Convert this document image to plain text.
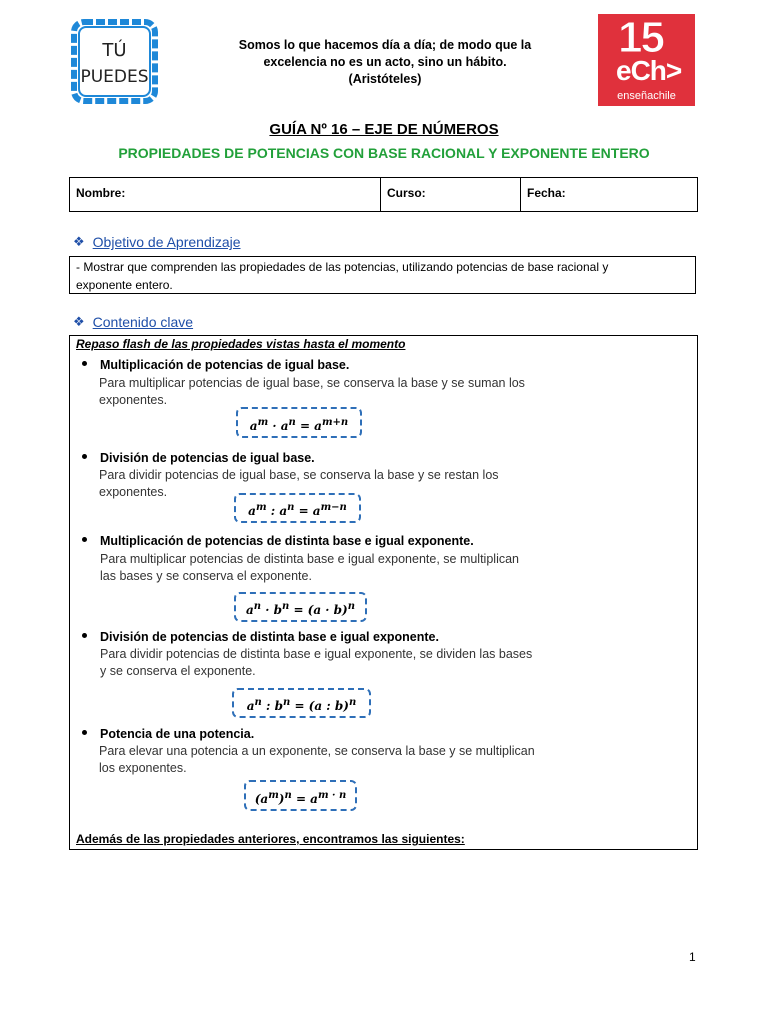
TÚ
PUEDES
Somos lo que hacemos día a día; de modo que la
excelencia no es un acto, sino un hábito.
(Aristóteles)
15
eCh>
enseñachile
GUÍA Nº 16 – EJE DE NÚMEROS
PROPIEDADES DE POTENCIAS CON BASE RACIONAL Y EXPONENTE ENTERO
Nombre:	Curso:	Fecha:
❖ Objetivo de Aprendizaje
- Mostrar que comprenden las propiedades de las potencias, utilizando potencias de base racional y
exponente entero.
❖ Contenido clave
Repaso flash de las propiedades vistas hasta el momento
Multiplicación de potencias de igual base.
Para multiplicar potencias de igual base, se conserva la base y se suman los
exponentes.
$a^m \cdot a^n = a^{m+n}$
División de potencias de igual base.
Para dividir potencias de igual base, se conserva la base y se restan los
exponentes.
$a^m$ : $a^n = a^{m-n}$
Multiplicación de potencias de distinta base e igual exponente.
Para multiplicar potencias de distinta base e igual exponente, se multiplican
las bases y se conserva el exponente.
$a^n \cdot b^n = (a \cdot b)^n$
División de potencias de distinta base e igual exponente.
Para dividir potencias de distinta base e igual exponente, se dividen las bases
y se conserva el exponente.
$a^n$ : $b^n = (a$ : b)$^n$
Potencia de una potencia.
Para elevar una potencia a un exponente, se conserva la base y se multiplican
los exponentes.
$(a^m)^n = a^{m \cdot n}$
Además de las propiedades anteriores, encontramos las siguientes:
1
